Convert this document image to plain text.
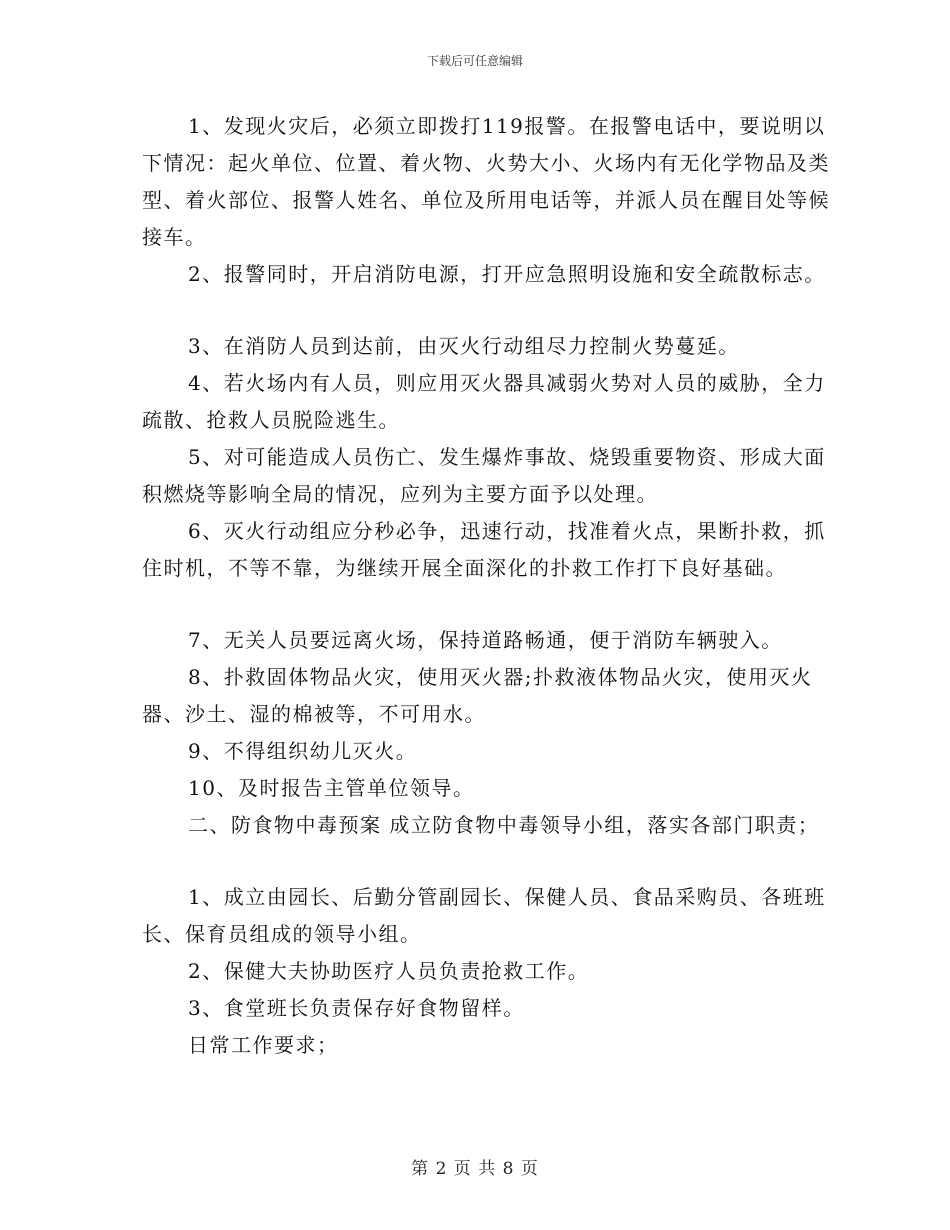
下载后可任意编辑

1、发现火灾后，必须立即拨打119报警。在报警电话中，要说明以下情况：起火单位、位置、着火物、火势大小、火场内有无化学物品及类型、着火部位、报警人姓名、单位及所用电话等，并派人员在醒目处等候接车。

2、报警同时，开启消防电源，打开应急照明设施和安全疏散标志。

3、在消防人员到达前，由灭火行动组尽力控制火势蔓延。

4、若火场内有人员，则应用灭火器具减弱火势对人员的威胁，全力疏散、抢救人员脱险逃生。

5、对可能造成人员伤亡、发生爆炸事故、烧毁重要物资、形成大面积燃烧等影响全局的情况，应列为主要方面予以处理。

6、灭火行动组应分秒必争，迅速行动，找准着火点，果断扑救，抓住时机，不等不靠，为继续开展全面深化的扑救工作打下良好基础。

7、无关人员要远离火场，保持道路畅通，便于消防车辆驶入。

8、扑救固体物品火灾，使用灭火器;扑救液体物品火灾，使用灭火器、沙土、湿的棉被等，不可用水。

9、不得组织幼儿灭火。

10、及时报告主管单位领导。

二、防食物中毒预案 成立防食物中毒领导小组，落实各部门职责；

1、成立由园长、后勤分管副园长、保健人员、食品采购员、各班班长、保育员组成的领导小组。

2、保健大夫协助医疗人员负责抢救工作。

3、食堂班长负责保存好食物留样。

日常工作要求；

第 2 页 共 8 页
